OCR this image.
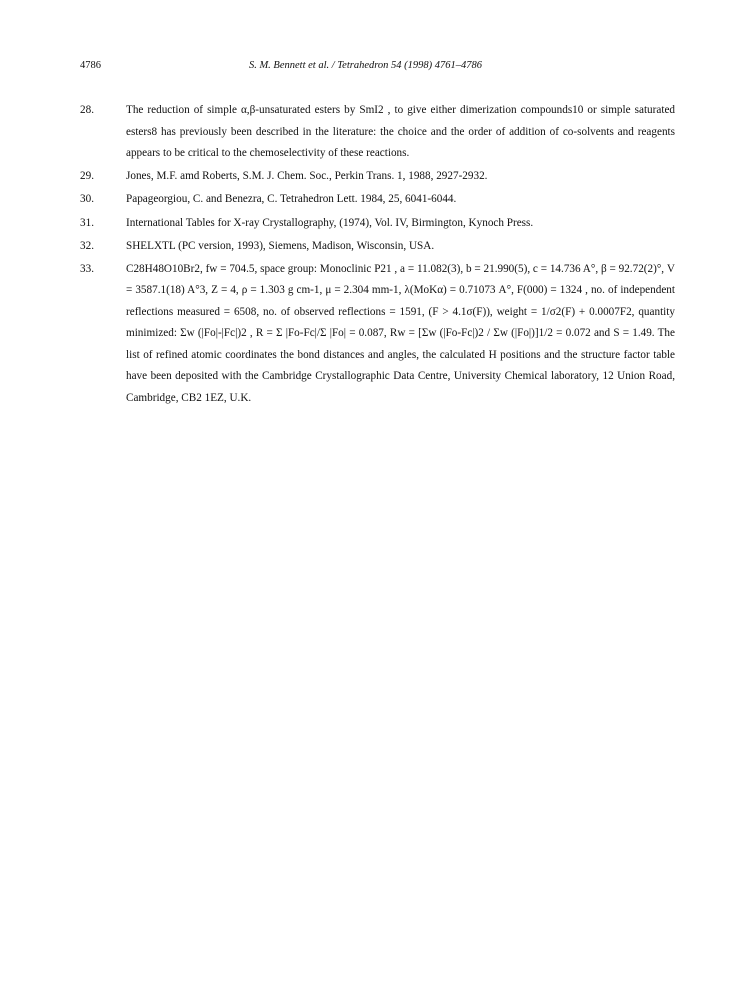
4786	S. M. Bennett et al. / Tetrahedron 54 (1998) 4761–4786
28.	The reduction of simple α,β-unsaturated esters by SmI2 , to give either dimerization compounds10 or simple saturated esters8 has previously been described in the literature: the choice and the order of addition of co-solvents and reagents appears to be critical to the chemoselectivity of these reactions.
29.	Jones, M.F. amd Roberts, S.M. J. Chem. Soc., Perkin Trans. 1, 1988, 2927-2932.
30.	Papageorgiou, C. and Benezra, C. Tetrahedron Lett. 1984, 25, 6041-6044.
31.	International Tables for X-ray Crystallography, (1974), Vol. IV, Birmington, Kynoch Press.
32.	SHELXTL (PC version, 1993), Siemens, Madison, Wisconsin, USA.
33.	C28H48O10Br2, fw = 704.5, space group: Monoclinic P21 , a = 11.082(3), b = 21.990(5), c = 14.736 A°, β = 92.72(2)°, V = 3587.1(18) A°3, Z = 4, ρ = 1.303 g cm-1, μ = 2.304 mm-1, λ(MoKα) = 0.71073 A°, F(000) = 1324 , no. of independent reflections measured = 6508, no. of observed reflections = 1591, (F > 4.1σ(F)), weight = 1/σ2(F) + 0.0007F2, quantity minimized: Σw (|Fo|-|Fc|)2 , R = Σ |Fo-Fc|/Σ |Fo| = 0.087, Rw = [Σw (|Fo-Fc|)2 / Σw (|Fo|)]1/2 = 0.072 and S = 1.49. The list of refined atomic coordinates the bond distances and angles, the calculated H positions and the structure factor table have been deposited with the Cambridge Crystallographic Data Centre, University Chemical laboratory, 12 Union Road, Cambridge, CB2 1EZ, U.K.
